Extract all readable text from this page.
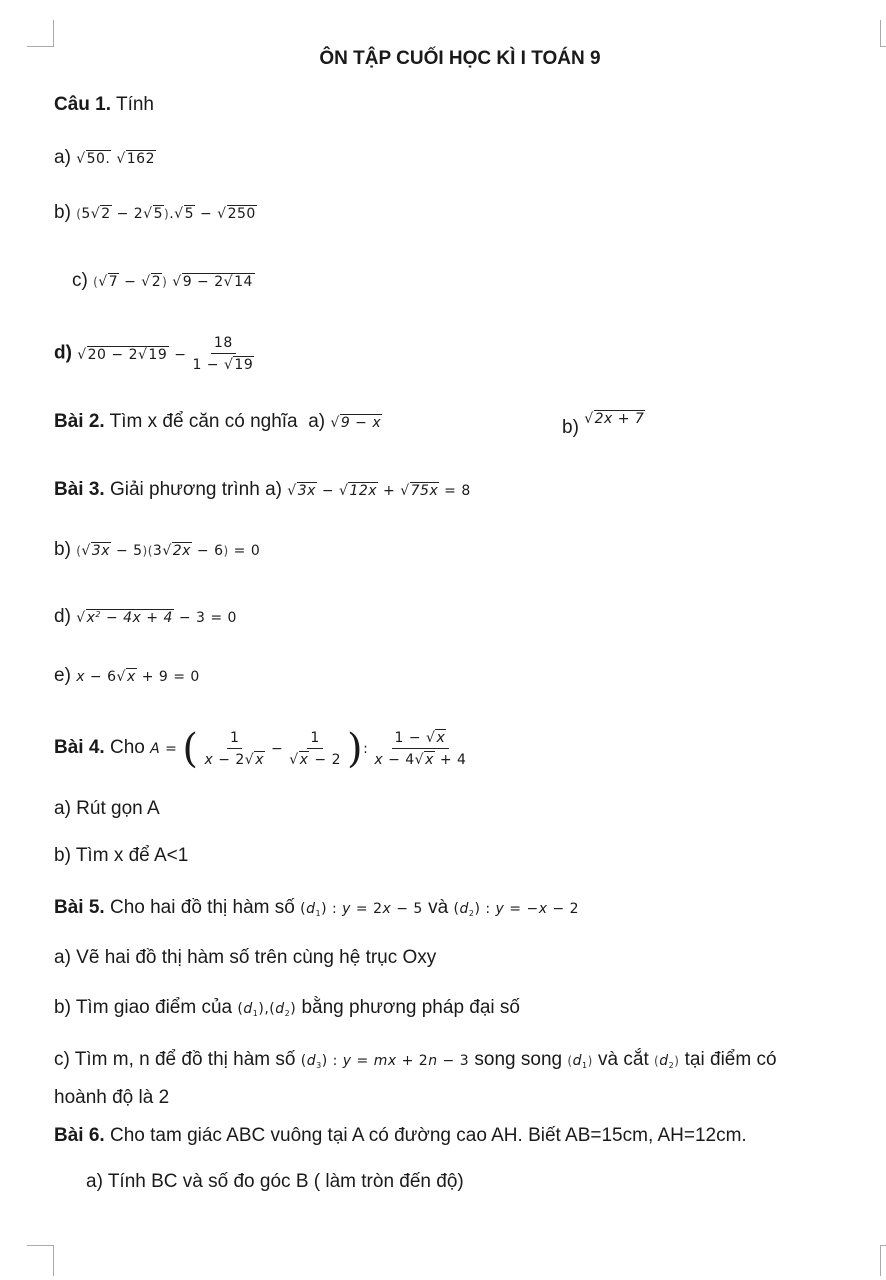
ÔN TẬP CUỐI HỌC KÌ I TOÁN 9
Câu 1. Tính
a) √50. √162
b) (5√2 − 2√5).√5 − √250
c) (√7 − √2) √9 − 2√14
d) $√20 - 2√19 - \frac{18}{1 - √19}$
Bài 2. Tìm x để căn có nghĩa a) √9 − x	b) $^{√2x + 7}$
Bài 3. Giải phương trình a) √3x − √12x + √75x = 8
b) (√3x − 5)(3√2x − 6) = 0
d) $√x^2 - 4x + 4 - 3 = 0$
e) x − 6√x + 9 = 0
Bài 4. Cho A = ( $\frac{1}{x - 2√x} - \frac{1}{√x - 2}$ ): $\frac{1 - √x}{x - 4√x + 4}$
a) Rút gọn A
b) Tìm x để A<1
Bài 5. Cho hai đồ thị hàm số $(d_1)$ : y = 2x − 5 và $(d_2)$ : y = −x − 2
a) Vẽ hai đồ thị hàm số trên cùng hệ trục Oxy
b) Tìm giao điểm của $(d_1),(d_2)$ bằng phương pháp đại số
c) Tìm m, n để đồ thị hàm số $(d_3)$ : y = mx + 2n − 3 song song $(d_1)$ và cắt $(d_2)$ tại điểm có
hoành độ là 2
Bài 6. Cho tam giác ABC vuông tại A có đường cao AH. Biết AB=15cm, AH=12cm.
a) Tính BC và số đo góc B ( làm tròn đến độ)
